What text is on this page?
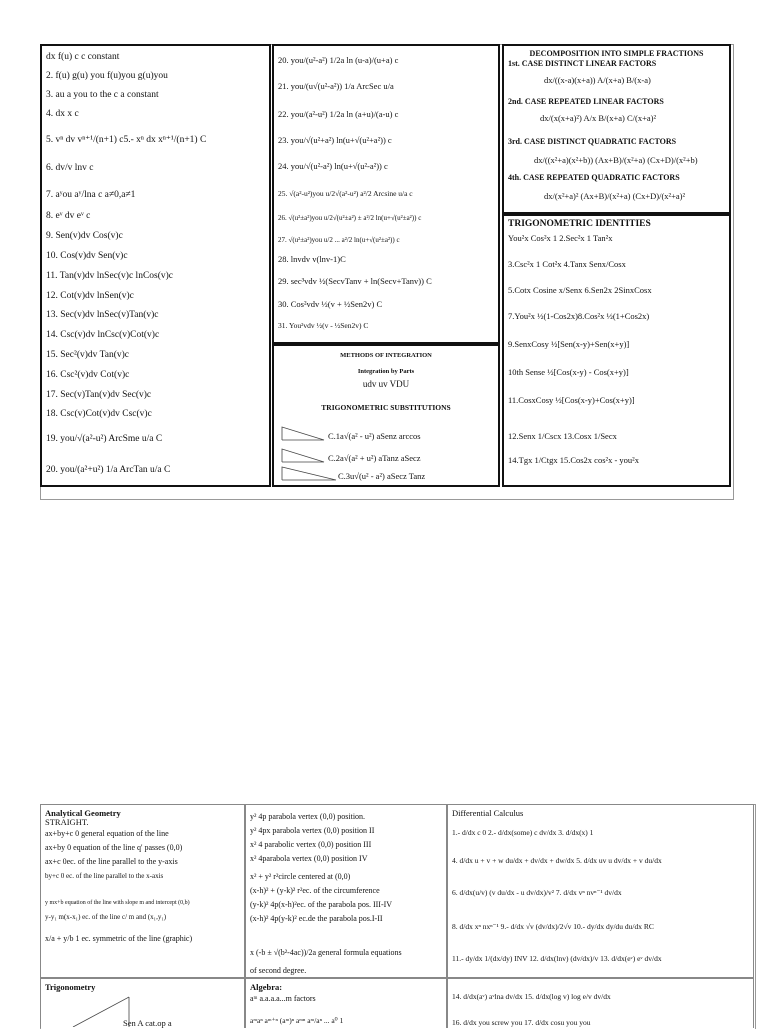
dx f(u) c c constant
2. f(u) g(u) you f(u)you g(u)you
3. au a you to the c a constant
4. dx x c
5. vⁿ dv vⁿ⁺¹/(n+1) c5.- xⁿ dx xⁿ⁺¹/(n+1) C
6. dv/v lnv c
7. aʸou aʸ/lna c a≠0,a≠1
8. eᵛ dv eᵛ c
9. Sen(v)dv Cos(v)c
10. Cos(v)dv Sen(v)c
11. Tan(v)dv lnSec(v)c lnCos(v)c
12. Cot(v)dv lnSen(v)c
13. Sec(v)dv lnSec(v)Tan(v)c
14. Csc(v)dv lnCsc(v)Cot(v)c
15. Sec²(v)dv Tan(v)c
16. Csc²(v)dv Cot(v)c
17. Sec(v)Tan(v)dv Sec(v)c
18. Csc(v)Cot(v)dv Csc(v)c
19. you/√(a²-u²) ArcSme u/a C
20. you/(a²+u²) 1/a ArcTan u/a C
20. you/(u²-a²) 1/2a ln (u-a)/(u+a) c
21. you/(u√(u²-a²)) 1/a ArcSec u/a
22. you/(a²-u²) 1/2a ln (a+u)/(a-u) c
23. you/√(u²+a²) ln(u+√(u²+a²)) c
24. you/√(u²-a²) ln(u+√(u²-a²)) c
25. √(a²-u²)you u/2√(a²-u²) a²/2 Arcsine u/a c
26. √(u²±a²)you u/2√(u²±a²) ± a²/2 ln(u+√(u²±a²)) c
27. √(u²±a²)you u/2 ... a²/2 ln(u+√(u²±a²)) c
28. lnvdv v(lnv-1)C
29. sec³vdv ½(SecvTanv + ln(Secv+Tanv)) C
30. Cos²vdv ½(v + ½Sen2v) C
31. You²vdv ½(v - ½Sen2v) C
METHODS OF INTEGRATION
Integration by Parts
udv uv VDU
TRIGONOMETRIC SUBSTITUTIONS
C.1a√(a² - u²) aSenz arccos
C.2a√(a² + u²) aTanz aSecz
C.3u√(u² - a²) aSecz Tanz
DECOMPOSITION INTO SIMPLE FRACTIONS
1st. CASE DISTINCT LINEAR FACTORS
dx/((x-a)(x+a)) A/(x+a) B/(x-a)
2nd. CASE REPEATED LINEAR FACTORS
dx/(x(x+a)²) A/x B/(x+a) C/(x+a)²
3rd. CASE DISTINCT QUADRATIC FACTORS
dx/((x²+a)(x²+b)) (Ax+B)/(x²+a) (Cx+D)/(x²+b)
4th. CASE REPEATED QUADRATIC FACTORS
dx/(x²+a)² (Ax+B)/(x²+a) (Cx+D)/(x²+a)²
TRIGONOMETRIC IDENTITIES
You²x Cos²x 1 2.Sec²x 1 Tan²x
3.Csc²x 1 Cot²x 4.Tanx Senx/Cosx
5.Cotx Cosine x/Senx 6.Sen2x 2SinxCosx
7.You²x ½(1-Cos2x)8.Cos²x ½(1+Cos2x)
9.SenxCosy ½[Sen(x-y)+Sen(x+y)]
10th Sense ½[Cos(x-y) - Cos(x+y)]
11.CosxCosy ½[Cos(x-y)+Cos(x+y)]
12.Senx 1/Cscx 13.Cosx 1/Secx
14.Tgx 1/Ctgx 15.Cos2x cos²x - you²x
Analytical Geometry
STRAIGHT.
ax+by+c 0 general equation of the line
ax+by 0 equation of the line q' passes (0,0)
ax+c 0ec. of the line parallel to the y-axis
by+c 0 ec. of the line parallel to the x-axis
y mx+b equation of the line with slope m and intercept (0,b)
y-y₁ m(x-x₁) ec. of the line c/ m and (x₁,y₁)
x/a + y/b 1 ec. symmetric of the line (graphic)
y² 4p parabola vertex (0,0) position.
y² 4px parabola vertex (0,0) position II
x² 4 parabolic vertex (0,0) position III
x² 4parabola vertex (0,0) position IV
x² + y² r²circle centered at (0,0)
(x-h)² + (y-k)² r²ec. of the circumference
(y-k)² 4p(x-h)²ec. of the parabola pos. III-IV
(x-h)² 4p(y-k)² ec.de the parabola pos.I-II
x (-b ± √(b²-4ac))/2a general formula equations
of second degree.
Differential Calculus
1.- d/dx c 0 2.- d/dx(some) c dv/dx 3. d/dx(x) 1
4. d/dx u + v + w du/dx + dv/dx + dw/dx 5. d/dx uv u dv/dx + v du/dx
6. d/dx(u/v) (v du/dx - u dv/dx)/v² 7. d/dx vⁿ nvⁿ⁻¹ dv/dx
8. d/dx xⁿ nxⁿ⁻¹ 9.- d/dx √v (dv/dx)/2√v 10.- dy/dx dy/du du/dx RC
11.- dy/dx 1/(dx/dy) INV 12. d/dx(lnv) (dv/dx)/v 13. d/dx(eᵛ) eᵛ dv/dx
Trigonometry
Sen A cat.op a
Algebra:
aᵐ a.a.a.a...m factors
aᵐaⁿ aᵐ⁺ⁿ (aᵐ)ⁿ aᵐⁿ aᵐ/aⁿ ... a⁰ 1
14. d/dx(aᵛ) aᵛlna dv/dx 15. d/dx(log v) log e/v dv/dx
16. d/dx you screw you 17. d/dx cosu you you
